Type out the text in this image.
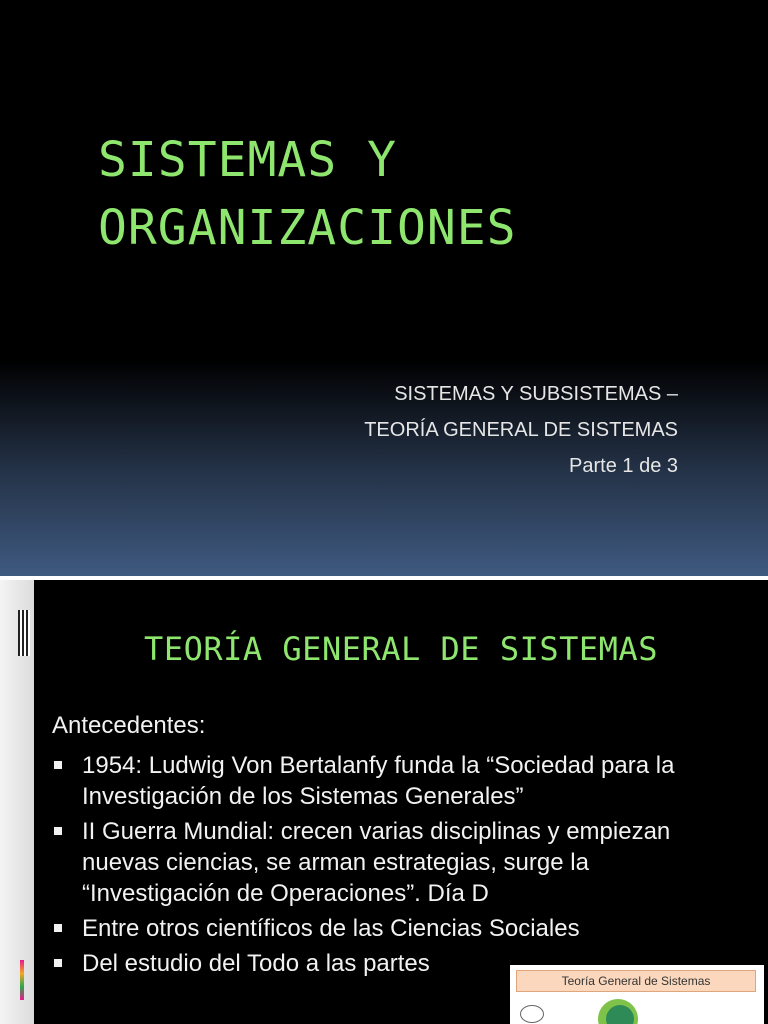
SISTEMAS Y
ORGANIZACIONES
SISTEMAS Y SUBSISTEMAS –
TEORÍA GENERAL DE SISTEMAS
Parte 1 de 3
TEORÍA GENERAL DE SISTEMAS
Antecedentes:
1954: Ludwig Von Bertalanfy funda la “Sociedad para la Investigación de los Sistemas Generales”
II Guerra Mundial: crecen varias disciplinas y empiezan nuevas ciencias, se arman estrategias, surge la “Investigación de Operaciones”. Día D
Entre otros científicos de las Ciencias Sociales
Del estudio del Todo a las partes
Teoría General de Sistemas
